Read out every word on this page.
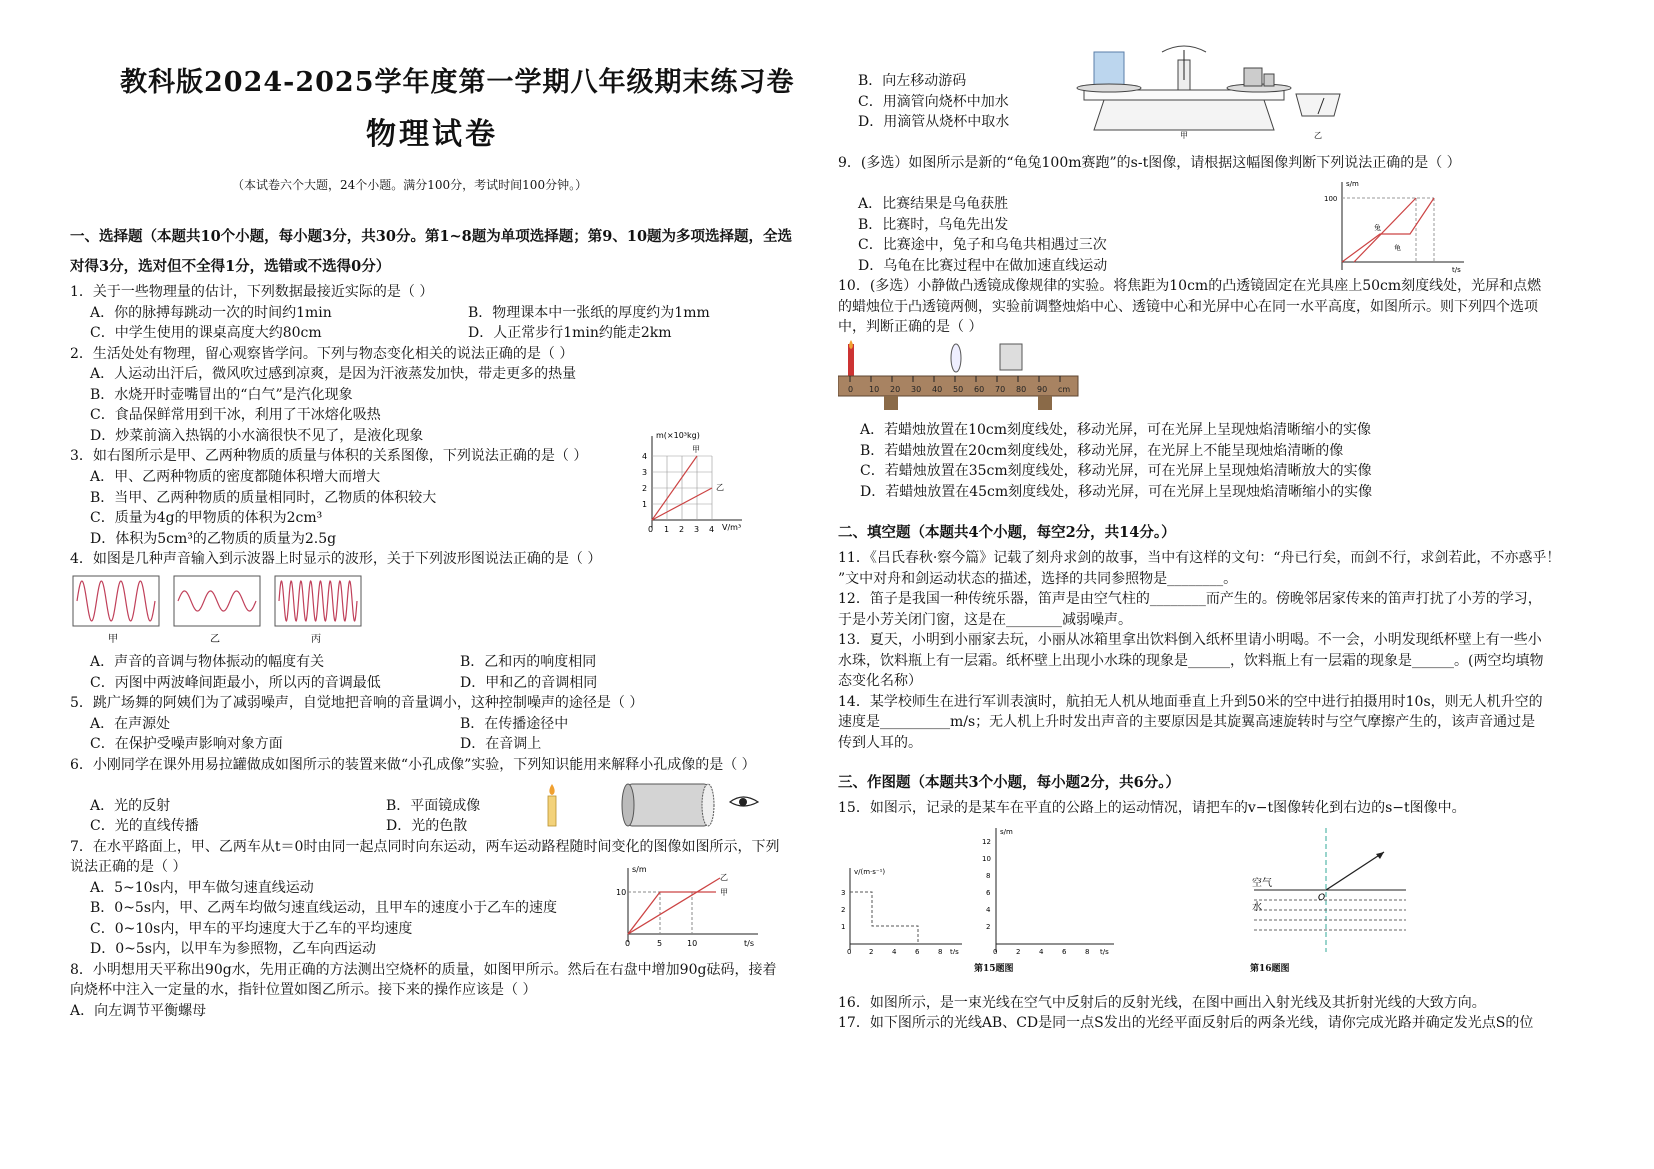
教科版2024-2025学年度第一学期八年级期末练习卷
物理试卷
（本试卷六个大题，24个小题。满分100分，考试时间100分钟。）
一、选择题（本题共10个小题，每小题3分，共30分。第1~8题为单项选择题；第9、10题为多项选择题，全选
对得3分，选对但不全得1分，选错或不选得0分）
1．关于一些物理量的估计，下列数据最接近实际的是（ ）
A．你的脉搏每跳动一次的时间约1min	B．物理课本中一张纸的厚度约为1mm
C．中学生使用的课桌高度大约80cm	D．人正常步行1min约能走2km
2．生活处处有物理，留心观察皆学问。下列与物态变化相关的说法正确的是（ ）
A．人运动出汗后，微风吹过感到凉爽，是因为汗液蒸发加快，带走更多的热量
B．水烧开时壶嘴冒出的“白气”是汽化现象
C．食品保鲜常用到干冰，利用了干冰熔化吸热
D．炒菜前滴入热锅的小水滴很快不见了，是液化现象
3．如右图所示是甲、乙两种物质的质量与体积的关系图像，下列说法正确的是（ ）
A．甲、乙两种物质的密度都随体积增大而增大
B．当甲、乙两种物质的质量相同时，乙物质的体积较大
C．质量为4g的甲物质的体积为2cm³
D．体积为5cm³的乙物质的质量为2.5g
m(×10³kg)
V/m³
甲
乙
1
2
3
4
0 1 2 3 4
4．如图是几种声音输入到示波器上时显示的波形，关于下列波形图说法正确的是（ ）
甲	乙	丙
A．声音的音调与物体振动的幅度有关	B．乙和丙的响度相同
C．丙图中两波峰间距最小，所以丙的音调最低	D．甲和乙的音调相同
5．跳广场舞的阿姨们为了减弱噪声，自觉地把音响的音量调小，这种控制噪声的途径是（ ）
A．在声源处	B．在传播途径中
C．在保护受噪声影响对象方面	D．在音调上
6．小刚同学在课外用易拉罐做成如图所示的装置来做“小孔成像”实验，下列知识能用来解释小孔成像的是（ ）
A．光的反射	B．平面镜成像
C．光的直线传播	D．光的色散
7．在水平路面上，甲、乙两车从t＝0时由同一起点同时向东运动，两车运动路程随时间变化的图像如图所示，下列
说法正确的是（ ）
A．5~10s内，甲车做匀速直线运动
B．0~5s内，甲、乙两车均做匀速直线运动，且甲车的速度小于乙车的速度
C．0~10s内，甲车的平均速度大于乙车的平均速度
D．0~5s内，以甲车为参照物，乙车向西运动
s/m
t/s
10	甲
乙
0	5	10
8．小明想用天平称出90g水，先用正确的方法测出空烧杯的质量，如图甲所示。然后在右盘中增加90g砝码，接着
向烧杯中注入一定量的水，指针位置如图乙所示。接下来的操作应该是（ ）
A．向左调节平衡螺母
B．向左移动游码
C．用滴管向烧杯中加水
D．用滴管从烧杯中取水
甲	乙
9．(多选）如图所示是新的“龟兔100m赛跑”的s-t图像，请根据这幅图像判断下列说法正确的是（ ）
A．比赛结果是乌龟获胜
B．比赛时，乌龟先出发
C．比赛途中，兔子和乌龟共相遇过三次
D．乌龟在比赛过程中在做加速直线运动
s/m
100
t/s
兔
龟
10．(多选）小静做凸透镜成像规律的实验。将焦距为10cm的凸透镜固定在光具座上50cm刻度线处，光屏和点燃
的蜡烛位于凸透镜两侧，实验前调整烛焰中心、透镜中心和光屏中心在同一水平高度，如图所示。则下列四个选项
中，判断正确的是（ ）
0 10 20 30 40 50 60 70 80 90 cm
A．若蜡烛放置在10cm刻度线处，移动光屏，可在光屏上呈现烛焰清晰缩小的实像
B．若蜡烛放置在20cm刻度线处，移动光屏，在光屏上不能呈现烛焰清晰的像
C．若蜡烛放置在35cm刻度线处，移动光屏，可在光屏上呈现烛焰清晰放大的实像
D．若蜡烛放置在45cm刻度线处，移动光屏，可在光屏上呈现烛焰清晰缩小的实像
二、填空题（本题共4个小题，每空2分，共14分。）
11．《吕氏春秋·察今篇》记载了刻舟求剑的故事，当中有这样的文句：“舟已行矣，而剑不行，求剑若此，不亦惑乎！
”文中对舟和剑运动状态的描述，选择的共同参照物是________。
12．笛子是我国一种传统乐器，笛声是由空气柱的________而产生的。傍晚邻居家传来的笛声打扰了小芳的学习，
于是小芳关闭门窗，这是在________减弱噪声。
13．夏天，小明到小丽家去玩，小丽从冰箱里拿出饮料倒入纸杯里请小明喝。不一会，小明发现纸杯壁上有一些小
水珠，饮料瓶上有一层霜。纸杯壁上出现小水珠的现象是______，饮料瓶上有一层霜的现象是______。(两空均填物
态变化名称）
14．某学校师生在进行军训表演时，航拍无人机从地面垂直上升到50米的空中进行拍摄用时10s，则无人机升空的
速度是__________m/s；无人机上升时发出声音的主要原因是其旋翼高速旋转时与空气摩擦产生的，该声音通过是
传到人耳的。
三、作图题（本题共3个小题，每小题2分，共6分。）
15．如图示，记录的是某车在平直的公路上的运动情况，请把车的v−t图像转化到右边的s−t图像中。
v/(m·s⁻¹)
t/s
1
2
3
0	2	4	6	8
s/m
t/s
2
4
6
8
10
12
0	2	4	6	8
第15题图
空气
水
O
第16题图
16．如图所示，是一束光线在空气中反射后的反射光线，在图中画出入射光线及其折射光线的大致方向。
17．如下图所示的光线AB、CD是同一点S发出的光经平面反射后的两条光线，请你完成光路并确定发光点S的位
